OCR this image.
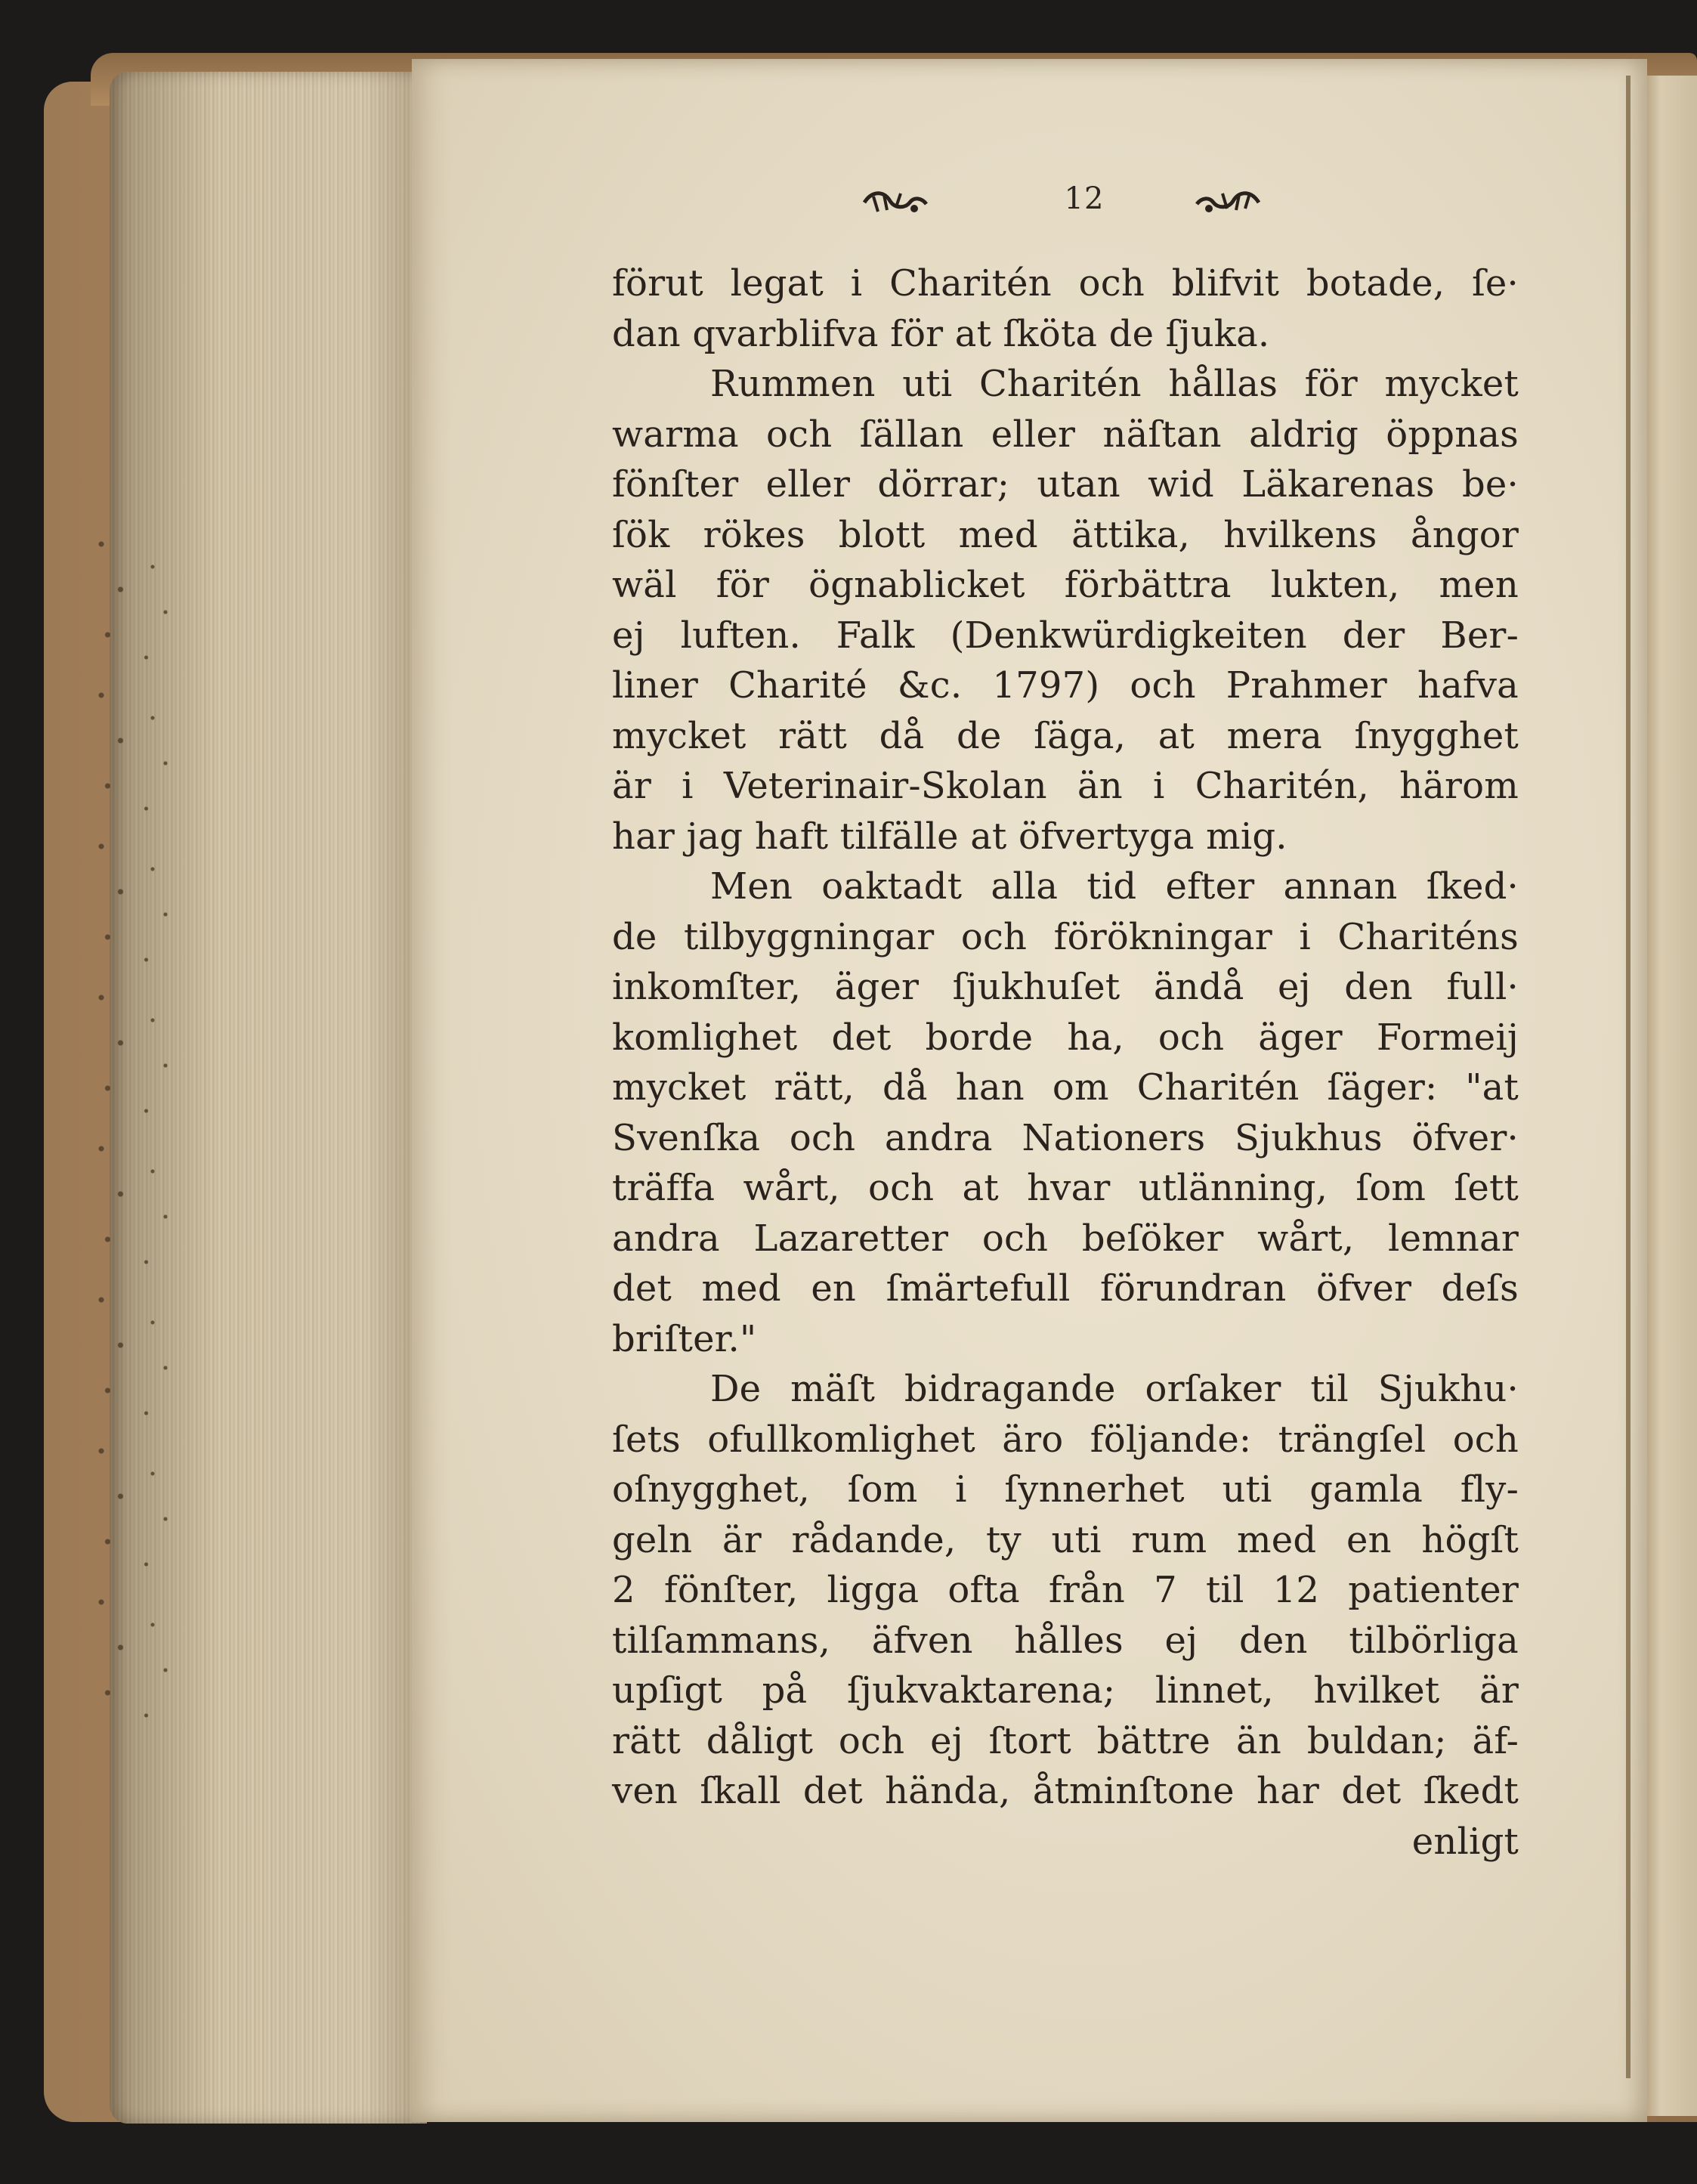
12
förut legat i Charitén och blifvit botade, ſe·
dan qvarblifva för at ſköta de ſjuka.
Rummen uti Charitén hållas för mycket
warma och ſällan eller näſtan aldrig öppnas
fönſter eller dörrar; utan wid Läkarenas be·
ſök rökes blott med ättika, hvilkens ångor
wäl för ögnablicket förbättra lukten, men
ej luften. Falk (Denkwürdigkeiten der Ber-
liner Charité &c. 1797) och Prahmer hafva
mycket rätt då de ſäga, at mera ſnygghet
är i Veterinair-Skolan än i Charitén, härom
har jag haft tilfälle at öfvertyga mig.
Men oaktadt alla tid efter annan ſked·
de tilbyggningar och förökningar i Chariténs
inkomſter, äger ſjukhuſet ändå ej den full·
komlighet det borde ha, och äger Formeij
mycket rätt, då han om Charitén ſäger: "at
Svenſka och andra Nationers Sjukhus öfver·
träffa wårt, och at hvar utlänning, ſom ſett
andra Lazaretter och beſöker wårt, lemnar
det med en ſmärtefull förundran öfver deſs
briſter."
De mäſt bidragande orſaker til Sjukhu·
ſets ofullkomlighet äro följande: trängſel och
oſnygghet, ſom i ſynnerhet uti gamla fly-
geln är rådande, ty uti rum med en högſt
2 fönſter, ligga ofta från 7 til 12 patienter
tilſammans, äfven hålles ej den tilbörliga
upſigt på ſjukvaktarena; linnet, hvilket är
rätt dåligt och ej ſtort bättre än buldan; äf-
ven ſkall det hända, åtminſtone har det ſkedt
enligt
